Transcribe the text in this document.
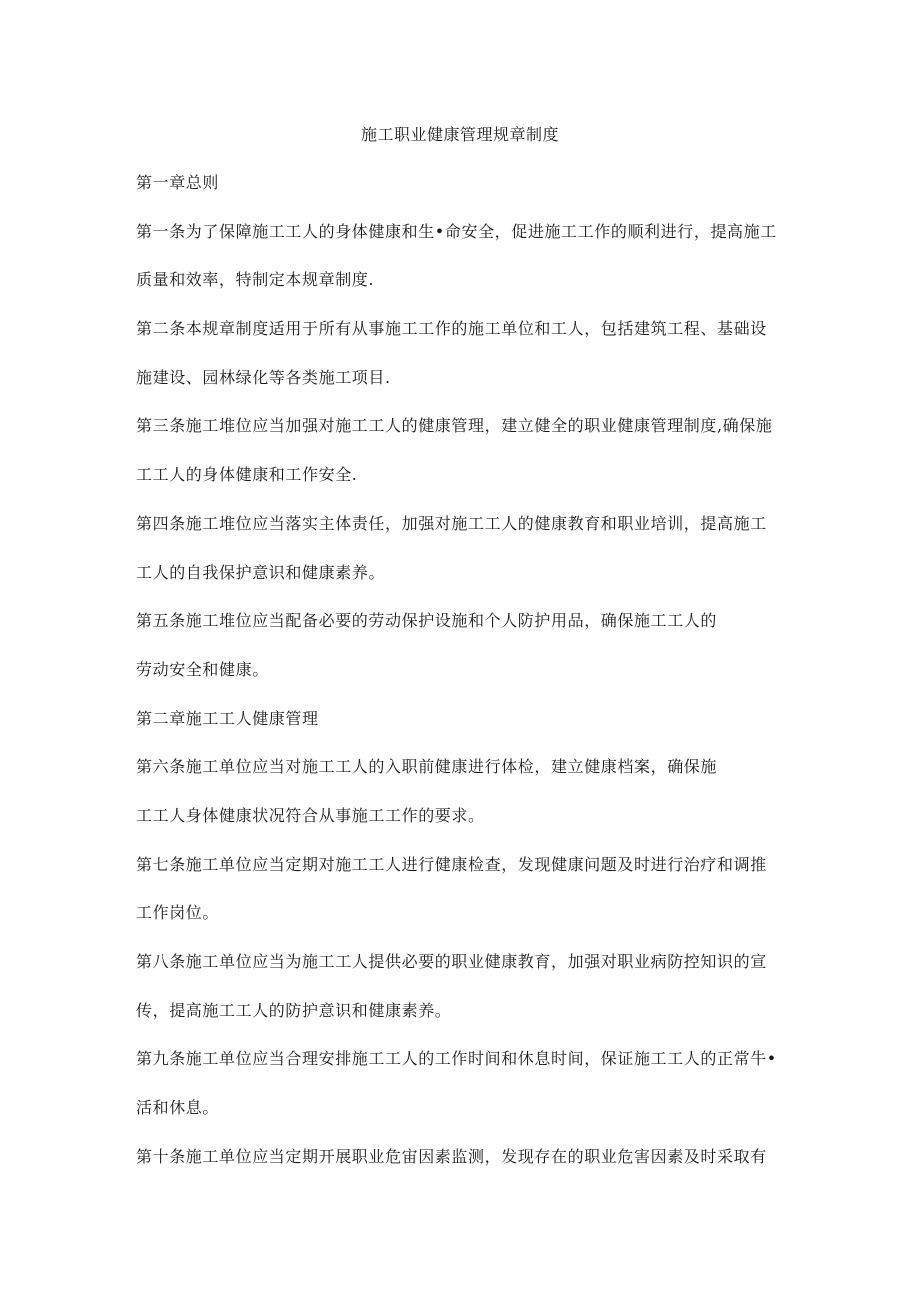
施工职业健康管理规章制度
第一章总则
第一条为了保障施工工人的身体健康和生•命安全，促进施工工作的顺利进行，提高施工
质量和效率，特制定本规章制度.
第二条本规章制度适用于所有从事施工工作的施工单位和工人，包括建筑工程、基础设
施建设、园林绿化等各类施工项目.
第三条施工堆位应当加强对施工工人的健康管理，建立健全的职业健康管理制度,确保施
工工人的身体健康和工作安全.
第四条施工堆位应当落实主体责任，加强对施工工人的健康教育和职业培训，提高施工
工人的自我保护意识和健康素养。
第五条施工堆位应当配备必要的劳动保护设施和个人防护用品，确保施工工人的
劳动安全和健康。
第二章施工工人健康管理
第六条施工单位应当对施工工人的入职前健康进行体检，建立健康档案，确保施
工工人身体健康状况符合从事施工工作的要求。
第七条施工单位应当定期对施工工人进行健康检查，发现健康问题及时进行治疗和调推
工作岗位。
第八条施工单位应当为施工工人提供必要的职业健康教育，加强对职业病防控知识的宣
传，提高施工工人的防护意识和健康素养。
第九条施工单位应当合理安排施工工人的工作时间和休息时间，保证施工工人的正常牛•
活和休息。
第十条施工单位应当定期开展职业危宙因素监测，发现存在的职业危害因素及时采取有
